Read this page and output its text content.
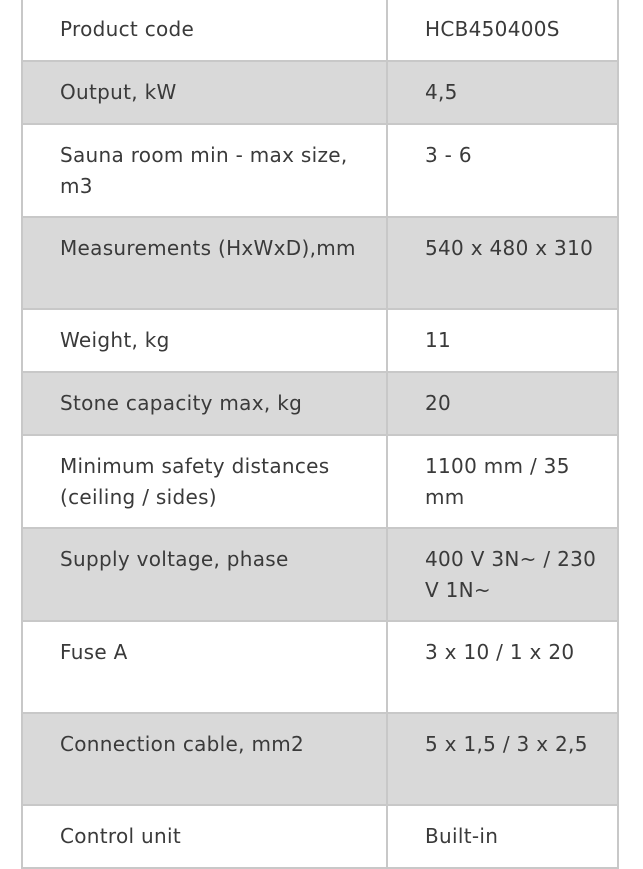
Product code	HCB450400S
Output, kW	4,5
Sauna room min - max size, m3	3 - 6
Measurements (HxWxD),mm	540 x 480 x 310
Weight, kg	11
Stone capacity max, kg	20
Minimum safety distances (ceiling / sides)	1100 mm / 35 mm
Supply voltage, phase	400 V 3N~ / 230 V 1N~
Fuse A	3 x 10 / 1 x 20
Connection cable, mm2	5 x 1,5 / 3 x 2,5
Control unit	Built-in
